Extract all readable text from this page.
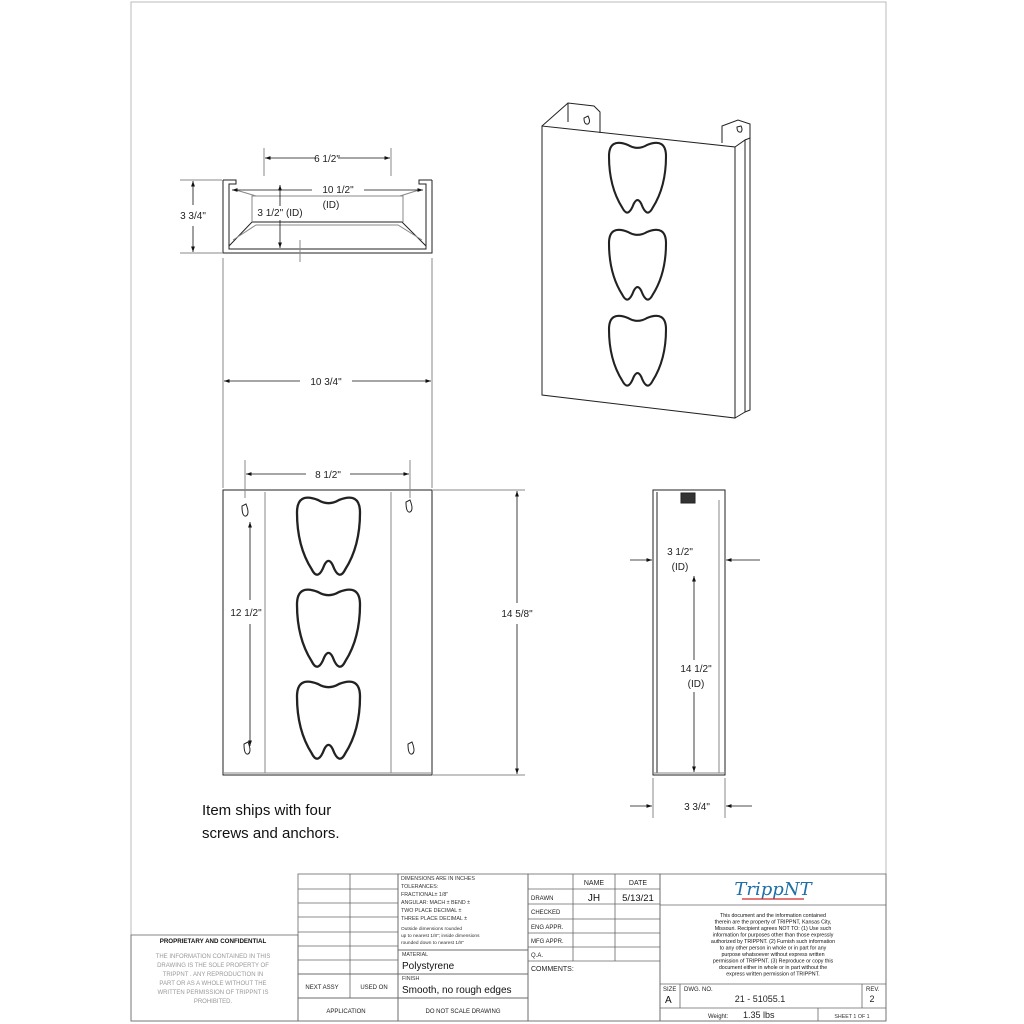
6 1/2"
10 1/2"
(ID)
3 1/2" (ID)
3 3/4"
10 3/4"
8 1/2"
12 1/2"	14 5/8"
3 1/2"
(ID)
14 1/2"
(ID)
3 3/4"
Item ships with four
screws and anchors.
PROPRIETARY AND CONFIDENTIAL
THE INFORMATION CONTAINED IN THIS
DRAWING IS THE SOLE PROPERTY OF
TRIPPNT . ANY REPRODUCTION IN
PART OR AS A WHOLE WITHOUT THE
WRITTEN PERMISSION OF TRIPPNT IS
PROHIBITED.
NEXT ASSY	USED ON
APPLICATION
DIMENSIONS ARE IN INCHES
TOLERANCES:
FRACTIONAL± 1/8"
ANGULAR: MACH ± BEND ±
TWO PLACE DECIMAL ±
THREE PLACE DECIMAL ±
Outside dimensions rounded
up to nearest 1/8"; inside dimensions
rounded down to nearest 1/8"
MATERIAL
Polystyrene
FINISH
Smooth, no rough edges
DO NOT SCALE DRAWING
NAME	DATE
DRAWN	JH 5/13/21
CHECKED
ENG APPR.
MFG APPR.
Q.A.
COMMENTS:
TrippNT
This document and the information contained
therein are the property of TRIPPNT, Kansas City,
Missouri. Recipient agrees NOT TO: (1) Use such
information for purposes other than those expressly
authorized by TRIPPNT. (2) Furnish such information
to any other person in whole or in part for any
purpose whatsoever without express written
permission of TRIPPNT. (3) Reproduce or copy this
document either in whole or in part without the
express written permission of TRIPPNT.
SIZE
A
DWG. NO.
21 - 51055.1
REV.
2
Weight: 1.35 lbs	SHEET 1 OF 1
